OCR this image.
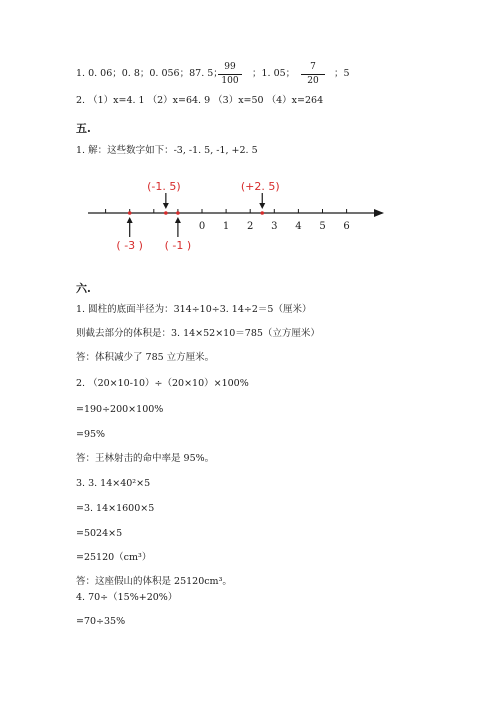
1. 0. 06；0. 8；0. 056；87. 5；
99
100
；1. 05；
7
20
；5
2. （1）x=4. 1 （2）x=64. 9 （3）x=50 （4）x=264
五.
1. 解：这些数字如下：-3, -1. 5, -1, +2. 5
0 1 2 3 4 5 6
( -3 )
(-1. 5)
( -1 )
(+2. 5)
六.
1. 圆柱的底面半径为：314÷10÷3. 14÷2＝5（厘米）
则截去部分的体积是：3. 14×52×10＝785（立方厘米）
答：体积减少了 785 立方厘米。
2. （20×10-10）÷（20×10）×100%
=190÷200×100%
=95%
答：王林射击的命中率是 95%。
3. 3. 14×40²×5
=3. 14×1600×5
=5024×5
=25120（cm³）
答：这座假山的体积是 25120cm³。
4. 70÷（15%+20%）
=70÷35%
